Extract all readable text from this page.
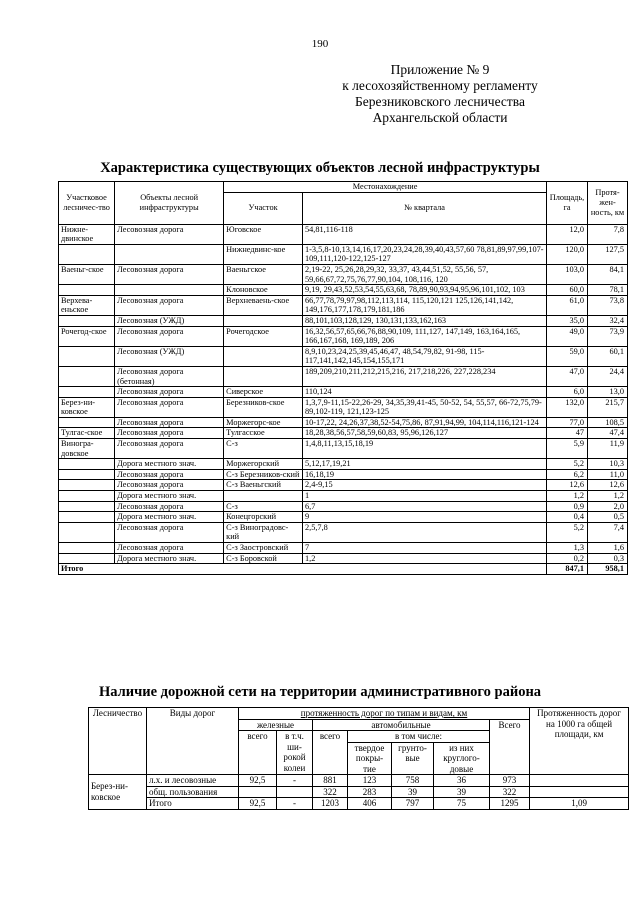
190
Приложение № 9
к лесохозяйственному регламенту
Березниковского лесничества
Архангельской области
Характеристика существующих объектов лесной инфраструктуры
Участковое лесничес-тво	Объекты лесной инфраструктуры	Местонахождение		Площадь, га	Протя-жен-ность, км
		Участок	№ квартала		
Нижне-двинское	Лесовозная дорога	Юговское	54,81,116-118	12,0	7,8
		Нижнедвинс-кое	1-3,5,8-10,13,14,16,17,20,23,24,28,39,40,43,57,60 78,81,89,97,99,107-109,111,120-122,125-127	120,0	127,5
Ваеньг-ское	Лесовозная дорога	Ваеньгское	2,19-22, 25,26,28,29,32, 33,37, 43,44,51,52, 55,56, 57, 59,66,67,72,75,76,77,90,104, 108,116, 120	103,0	84,1
		Клоновское	9,19, 29,43,52,53,54,55,63,68, 78,89,90,93,94,95,96,101,102, 103	60,0	78,1
Верхева-еньское	Лесовозная дорога	Верхневаень-ское	66,77,78,79,97,98,112,113,114, 115,120,121 125,126,141,142, 149,176,177,178,179,181,186	61,0	73,8
	Лесовозная (УЖД)		88,101,103,128,129, 130,131,133,162,163	35,0	32,4
Рочегод-ское	Лесовозная дорога	Рочегодское	16,32,56,57,65,66,76,88,90,109, 111,127, 147,149, 163,164,165, 166,167,168, 169,189, 206	49,0	73,9
	Лесовозная (УЖД)		8,9,10,23,24,25,39,45,46,47, 48,54,79,82, 91-98, 115-117,141,142,145,154,155,171	59,0	60,1
	Лесовозная дорога (бетонная)		189,209,210,211,212,215,216, 217,218,226, 227,228,234	47,0	24,4
	Лесовозная дорога	Сиверское	110,124	6,0	13,0
Берез-ни-ковское	Лесовозная дорога	Березников-ское	1,3,7,9-11,15-22,26-29, 34,35,39,41-45, 50-52, 54, 55,57, 66-72,75,79- 89,102-119, 121,123-125	132,0	215,7
	Лесовозная дорога	Моржегорс-кое	10-17,22, 24,26,37,38,52-54,75,86, 87,91,94,99, 104,114,116,121-124	77,0	108,5
Тулгас-ское	Лесовозная дорога	Тулгасское	18,28,38,56,57,58,59,60,83, 95,96,126,127	47	47,4
Виногра-довское	Лесовозная дорога	С-з	1,4,8,11,13,15,18,19	5,9	11,9
	Дорога местного знач.	Моржегорский	5,12,17,19,21	5,2	10,3
	Лесовозная дорога	С-з Березников-ский	16,18,19	6,2	11,0
	Лесовозная дорога	С-з Ваеньгский	2,4-9,15	12,6	12,6
	Дорога местного знач.		1	1,2	1,2
	Лесовозная дорога	С-з	6,7	0,9	2,0
	Дорога местного знач.	Конецгорский	9	0,4	0,5
	Лесовозная дорога	С-з Виноградовс-кий	2,5,7,8	5,2	7,4
	Лесовозная дорога	С-з Заостровский	7	1,3	1,6
	Дорога местного знач.	С-з Боровской	1,2	0,2	0,3
Итого				847,1	958,1
Наличие дорожной сети на территории административного района
Лесничество	Виды дорог	протяженность дорог по типам и видам, км							Протяженность дорог на 1000 га общей площади, км
		железные		автомобильные				Всего	
		всего	в т.ч. ши-рокой колеи	всего	в том числе:				
					твердое покры-тие	грунто-вые	из них круглого-довые		
Берез-ни-ковское	л.х. и лесовозные	92,5	-	881	123	758	36	973	
	общ. пользования			322	283	39	39	322	
	Итого	92,5	-	1203	406	797	75	1295	1,09
